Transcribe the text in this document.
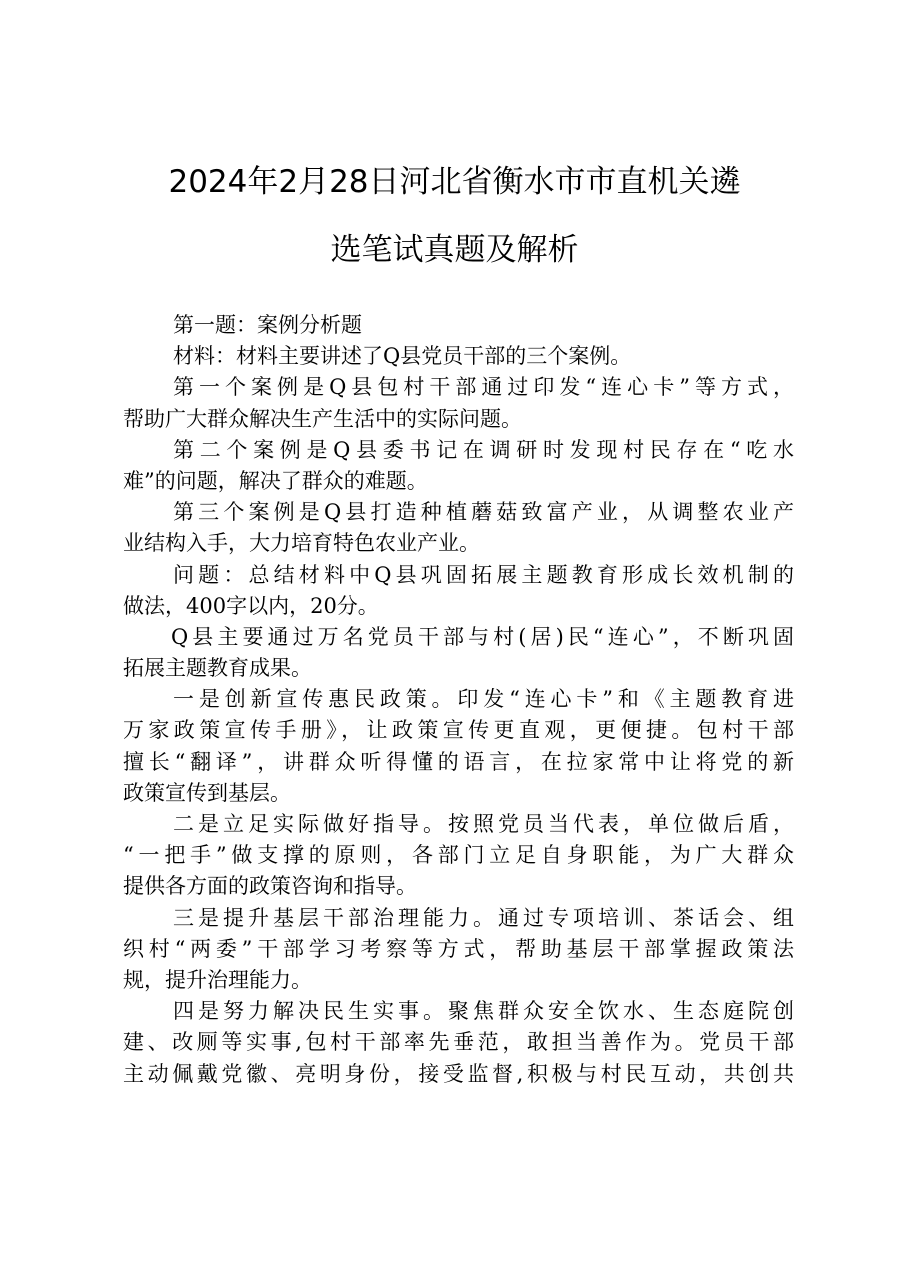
2024年2月28日河北省衡水市市直机关遴
选笔试真题及解析
第一题：案例分析题
材料：材料主要讲述了Q县党员干部的三个案例。
第一个案例是Q县包村干部通过印发“连心卡”等方式，
帮助广大群众解决生产生活中的实际问题。
第二个案例是Q县委书记在调研时发现村民存在“吃水
难”的问题，解决了群众的难题。
第三个案例是Q县打造种植蘑菇致富产业，从调整农业产
业结构入手，大力培育特色农业产业。
问题：总结材料中Q县巩固拓展主题教育形成长效机制的
做法，400字以内，20分。
Q县主要通过万名党员干部与村(居)民“连心”，不断巩固
拓展主题教育成果。
一是创新宣传惠民政策。印发“连心卡”和《主题教育进
万家政策宣传手册》，让政策宣传更直观，更便捷。包村干部
擅长“翻译”，讲群众听得懂的语言，在拉家常中让将党的新
政策宣传到基层。
二是立足实际做好指导。按照党员当代表，单位做后盾，
“一把手”做支撑的原则，各部门立足自身职能，为广大群众
提供各方面的政策咨询和指导。
三是提升基层干部治理能力。通过专项培训、茶话会、组
织村“两委”干部学习考察等方式，帮助基层干部掌握政策法
规，提升治理能力。
四是努力解决民生实事。聚焦群众安全饮水、生态庭院创
建、改厕等实事,包村干部率先垂范，敢担当善作为。党员干部
主动佩戴党徽、亮明身份，接受监督,积极与村民互动，共创共
